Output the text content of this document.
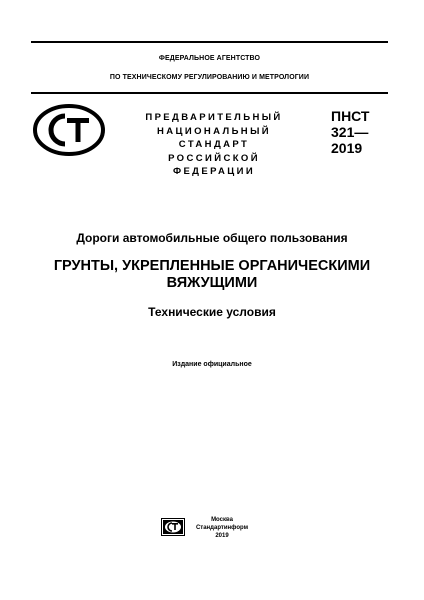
ФЕДЕРАЛЬНОЕ АГЕНТСТВО
ПО ТЕХНИЧЕСКОМУ РЕГУЛИРОВАНИЮ И МЕТРОЛОГИИ
ПРЕДВАРИТЕЛЬНЫЙ
НАЦИОНАЛЬНЫЙ
СТАНДАРТ
РОССИЙСКОЙ
ФЕДЕРАЦИИ
ПНСТ
321—
2019
Дороги автомобильные общего пользования
ГРУНТЫ, УКРЕПЛЕННЫЕ ОРГАНИЧЕСКИМИ
ВЯЖУЩИМИ
Технические условия
Издание официальное
Москва
Стандартинформ
2019
